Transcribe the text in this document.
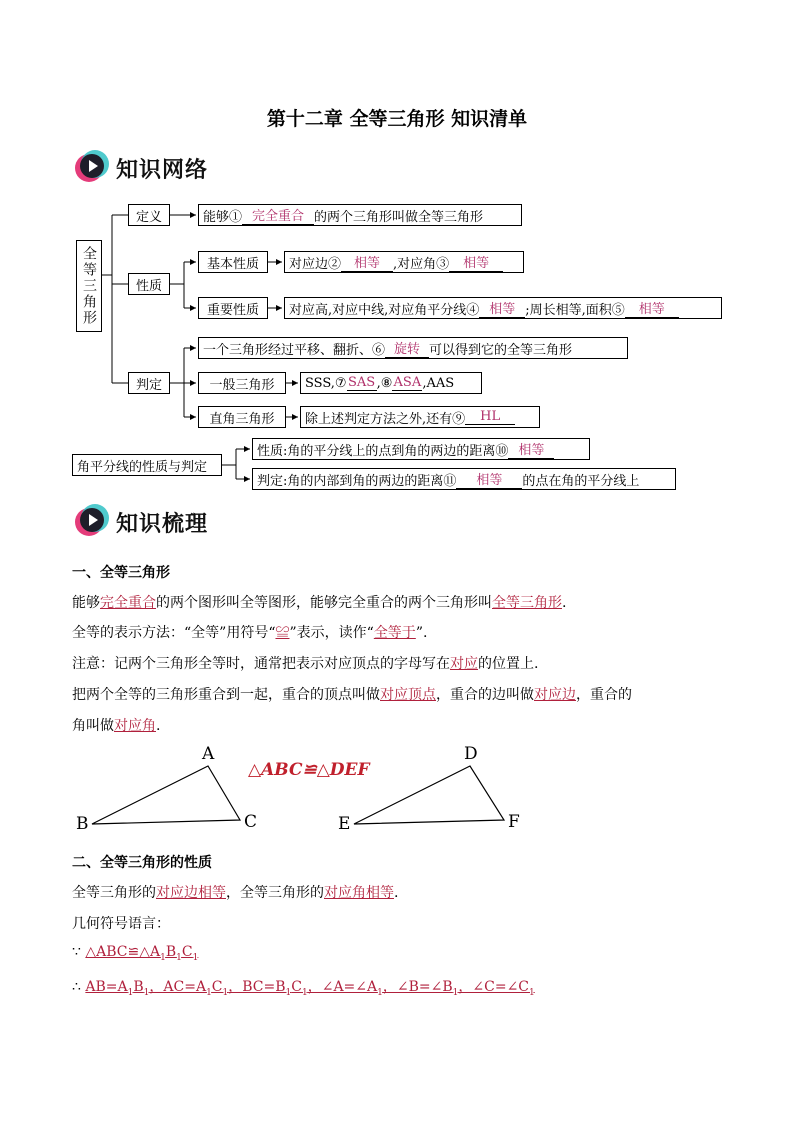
第十二章 全等三角形 知识清单
知识网络
全等三角形
定义	能够① 完全重合 的两个三角形叫做全等三角形
性质
基本性质	对应边② 相等	,对应角③	相等
重要性质	对应高,对应中线,对应角平分线④ 相等 ;周长相等,面积⑤	相等
判定
一个三角形经过平移、翻折、⑥ 旋转 可以得到它的全等三角形
一般三角形	SSS,⑦ SAS ,⑧ ASA ,AAS
直角三角形	除上述判定方法之外,还有⑨	HL
角平分线的性质与判定
性质:角的平分线上的点到角的两边的距离⑩ 相等
判定:角的内部到角的两边的距离⑪	相等	的点在角的平分线上
知识梳理
一、全等三角形
能够完全重合的两个图形叫全等图形，能够完全重合的两个三角形叫全等三角形.
全等的表示方法：“全等”用符号“≌”表示，读作“全等于”.
注意：记两个三角形全等时，通常把表示对应顶点的字母写在对应的位置上.
把两个全等的三角形重合到一起，重合的顶点叫做对应顶点，重合的边叫做对应边，重合的
角叫做对应角.
A
B	C
D
E	F
△ABC≌△DEF
二、全等三角形的性质
全等三角形的对应边相等，全等三角形的对应角相等.
几何符号语言：
∵ $\triangle ABC≌\triangle A_1B_1C_1$
∴ $AB=A_1B_1$，$AC=A_1C_1$，$BC=B_1C_1$，$\angle A=\angle A_1$，$\angle B=\angle B_1$，$\angle C=\angle C_1$
